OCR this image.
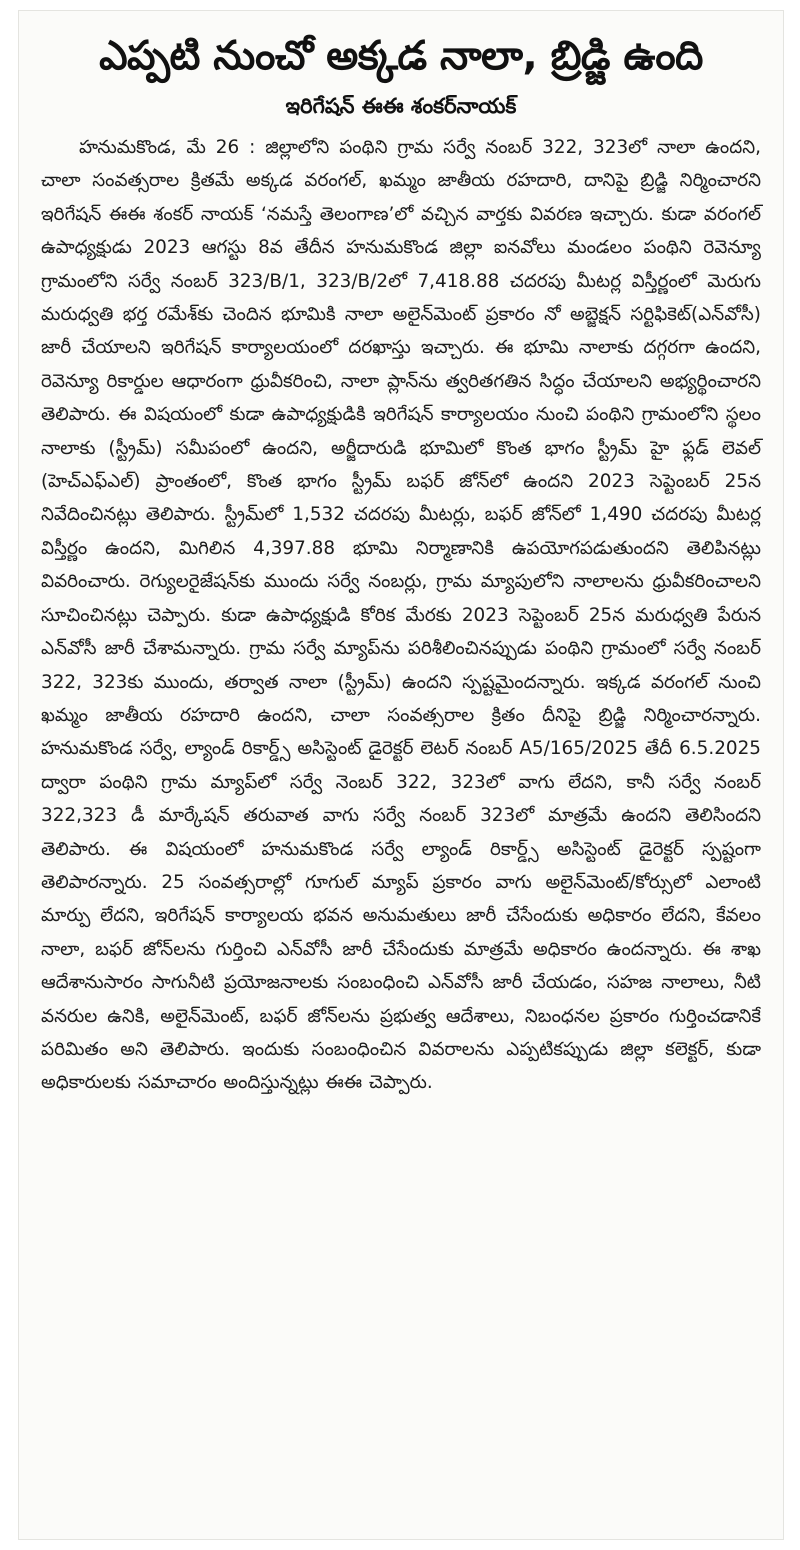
ఎప్పటి నుంచో అక్కడ నాలా, బ్రిడ్జి ఉంది
ఇరిగేషన్ ఈఈ శంకర్‌నాయక్

హనుమకొండ, మే 26 : జిల్లాలోని పంథిని గ్రామ సర్వే నంబర్ 322, 323లో నాలా ఉందని, చాలా సంవత్సరాల క్రితమే అక్కడ వరంగల్, ఖమ్మం జాతీయ రహదారి, దానిపై బ్రిడ్జి నిర్మించారని ఇరిగేషన్ ఈఈ శంకర్ నాయక్ ‘నమస్తే తెలంగాణ’లో వచ్చిన వార్తకు వివరణ ఇచ్చారు. కుడా వరంగల్ ఉపాధ్యక్షుడు 2023 ఆగస్టు 8వ తేదీన హనుమకొండ జిల్లా ఐనవోలు మండలం పంథిని రెవెన్యూ గ్రామంలోని సర్వే నంబర్ 323/B/1, 323/B/2లో 7,418.88 చదరపు మీటర్ల విస్తీర్ణంలో మెరుగు మరుధ్వతి భర్త రమేశ్‌కు చెందిన భూమికి నాలా అలైన్‌మెంట్ ప్రకారం నో అబ్జెక్షన్ సర్టిఫికెట్(ఎన్‌వోసీ) జారీ చేయాలని ఇరిగేషన్ కార్యాలయంలో దరఖాస్తు ఇచ్చారు. ఈ భూమి నాలాకు దగ్గరగా ఉందని, రెవెన్యూ రికార్డుల ఆధారంగా ధ్రువీకరించి, నాలా ప్లాన్‌ను త్వరితగతిన సిద్ధం చేయాలని అభ్యర్థించారని తెలిపారు. ఈ విషయంలో కుడా ఉపాధ్యక్షుడికి ఇరిగేషన్ కార్యాలయం నుంచి పంథిని గ్రామంలోని స్థలం నాలాకు (స్ట్రీమ్) సమీపంలో ఉందని, అర్జీదారుడి భూమిలో కొంత భాగం స్ట్రీమ్ హై ఫ్లడ్ లెవల్ (హెచ్ఎఫ్ఎల్) ప్రాంతంలో, కొంత భాగం స్ట్రీమ్ బఫర్ జోన్‌లో ఉందని 2023 సెప్టెంబర్ 25న నివేదించినట్లు తెలిపారు. స్ట్రీమ్‌లో 1,532 చదరపు మీటర్లు, బఫర్ జోన్‌లో 1,490 చదరపు మీటర్ల విస్తీర్ణం ఉందని, మిగిలిన 4,397.88 భూమి నిర్మాణానికి ఉపయోగపడుతుందని తెలిపినట్లు వివరించారు. రెగ్యులరైజేషన్‌కు ముందు సర్వే నంబర్లు, గ్రామ మ్యాపులోని నాలాలను ధ్రువీకరించాలని సూచించినట్లు చెప్పారు. కుడా ఉపాధ్యక్షుడి కోరిక మేరకు 2023 సెప్టెంబర్ 25న మరుధ్వతి పేరున ఎన్‌వోసీ జారీ చేశామన్నారు. గ్రామ సర్వే మ్యాప్‌ను పరిశీలించినప్పుడు పంథిని గ్రామంలో సర్వే నంబర్ 322, 323కు ముందు, తర్వాత నాలా (స్ట్రీమ్) ఉందని స్పష్టమైందన్నారు. ఇక్కడ వరంగల్ నుంచి ఖమ్మం జాతీయ రహదారి ఉందని, చాలా సంవత్సరాల క్రితం దీనిపై బ్రిడ్జి నిర్మించారన్నారు. హనుమకొండ సర్వే, ల్యాండ్ రికార్డ్స్ అసిస్టెంట్ డైరెక్టర్ లెటర్ నంబర్ A5/165/2025 తేదీ 6.5.2025 ద్వారా పంథిని గ్రామ మ్యాప్‌లో సర్వే నెంబర్ 322, 323లో వాగు లేదని, కానీ సర్వే నంబర్ 322,323 డీ మార్కేషన్ తరువాత వాగు సర్వే నంబర్ 323లో మాత్రమే ఉందని తెలిసిందని తెలిపారు. ఈ విషయంలో హనుమకొండ సర్వే ల్యాండ్ రికార్డ్స్ అసిస్టెంట్ డైరెక్టర్ స్పష్టంగా తెలిపారన్నారు. 25 సంవత్సరాల్లో గూగుల్ మ్యాప్ ప్రకారం వాగు అలైన్‌మెంట్/కోర్సులో ఎలాంటి మార్పు లేదని, ఇరిగేషన్ కార్యాలయ భవన అనుమతులు జారీ చేసేందుకు అధికారం లేదని, కేవలం నాలా, బఫర్ జోన్‌లను గుర్తించి ఎన్‌వోసీ జారీ చేసేందుకు మాత్రమే అధికారం ఉందన్నారు. ఈ శాఖ ఆదేశానుసారం సాగునీటి ప్రయోజనాలకు సంబంధించి ఎన్‌వోసీ జారీ చేయడం, సహజ నాలాలు, నీటి వనరుల ఉనికి, అలైన్‌మెంట్, బఫర్ జోన్‌లను ప్రభుత్వ ఆదేశాలు, నిబంధనల ప్రకారం గుర్తించడానికే పరిమితం అని తెలిపారు. ఇందుకు సంబంధించిన వివరాలను ఎప్పటికప్పుడు జిల్లా కలెక్టర్, కుడా అధికారులకు సమాచారం అందిస్తున్నట్లు ఈఈ చెప్పారు.
